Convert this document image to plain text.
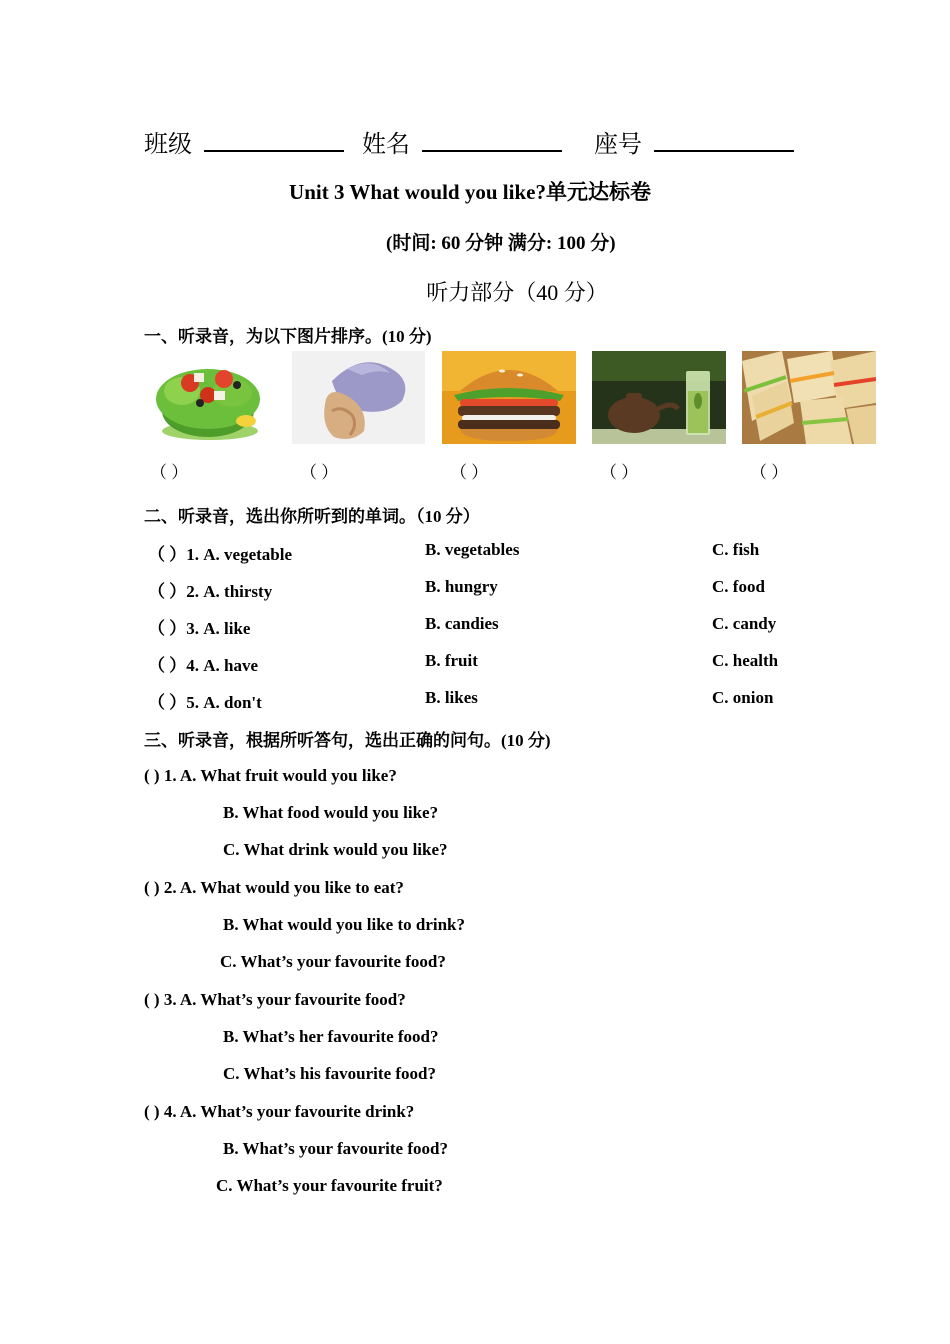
班级	姓名	座号
Unit 3 What would you like?单元达标卷
(时间: 60 分钟 满分: 100 分)
听力部分（40 分）
一、听录音，为以下图片排序。(10 分)
（ ）	（ ）	（ ）	（ ）	（ ）
二、听录音，选出你所听到的单词。（10 分）
（ ）1. A. vegetable	B. vegetables	C. fish
（ ）2. A. thirsty	B. hungry	C. food
（ ）3. A. like	B. candies	C. candy
（ ）4. A. have	B. fruit	C. health
（ ）5. A. don't	B. likes	C. onion
三、听录音，根据所听答句，选出正确的问句。(10 分)
( ) 1. A. What fruit would you like?
B. What food would you like?
C. What drink would you like?
( ) 2. A. What would you like to eat?
B. What would you like to drink?
C. What’s your favourite food?
( ) 3. A. What’s your favourite food?
B. What’s her favourite food?
C. What’s his favourite food?
( ) 4. A. What’s your favourite drink?
B. What’s your favourite food?
C. What’s your favourite fruit?
